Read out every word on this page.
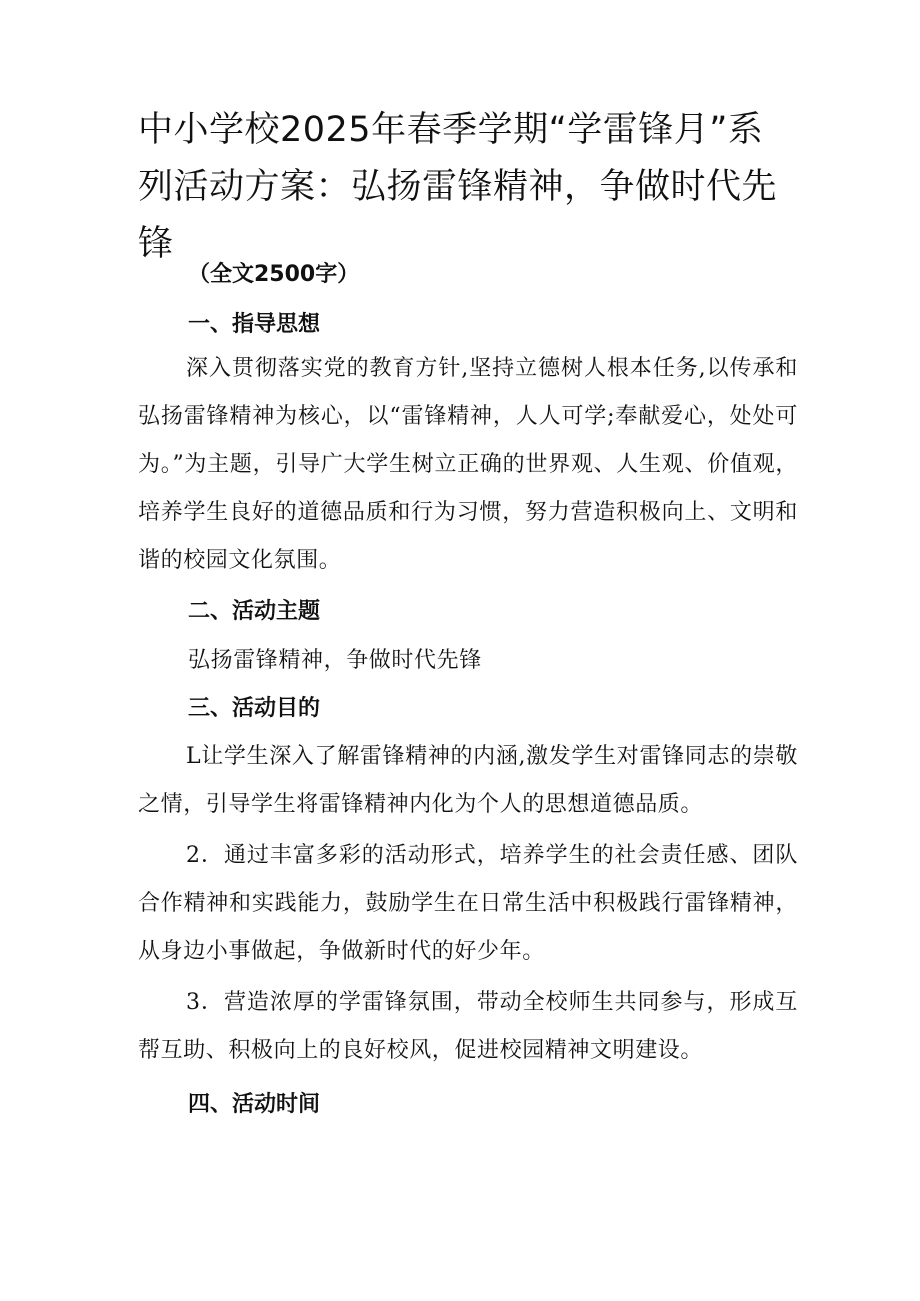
中小学校2025年春季学期“学雷锋月”系列活动方案：弘扬雷锋精神，争做时代先锋
（全文2500字）
一、指导思想

深入贯彻落实党的教育方针,坚持立德树人根本任务,以传承和弘扬雷锋精神为核心，以“雷锋精神，人人可学;奉献爱心，处处可为。”为主题，引导广大学生树立正确的世界观、人生观、价值观，培养学生良好的道德品质和行为习惯，努力营造积极向上、文明和谐的校园文化氛围。

二、活动主题

弘扬雷锋精神，争做时代先锋

三、活动目的

L让学生深入了解雷锋精神的内涵,激发学生对雷锋同志的崇敬之情，引导学生将雷锋精神内化为个人的思想道德品质。

2．通过丰富多彩的活动形式，培养学生的社会责任感、团队合作精神和实践能力，鼓励学生在日常生活中积极践行雷锋精神，从身边小事做起，争做新时代的好少年。

3．营造浓厚的学雷锋氛围，带动全校师生共同参与，形成互帮互助、积极向上的良好校风，促进校园精神文明建设。

四、活动时间
